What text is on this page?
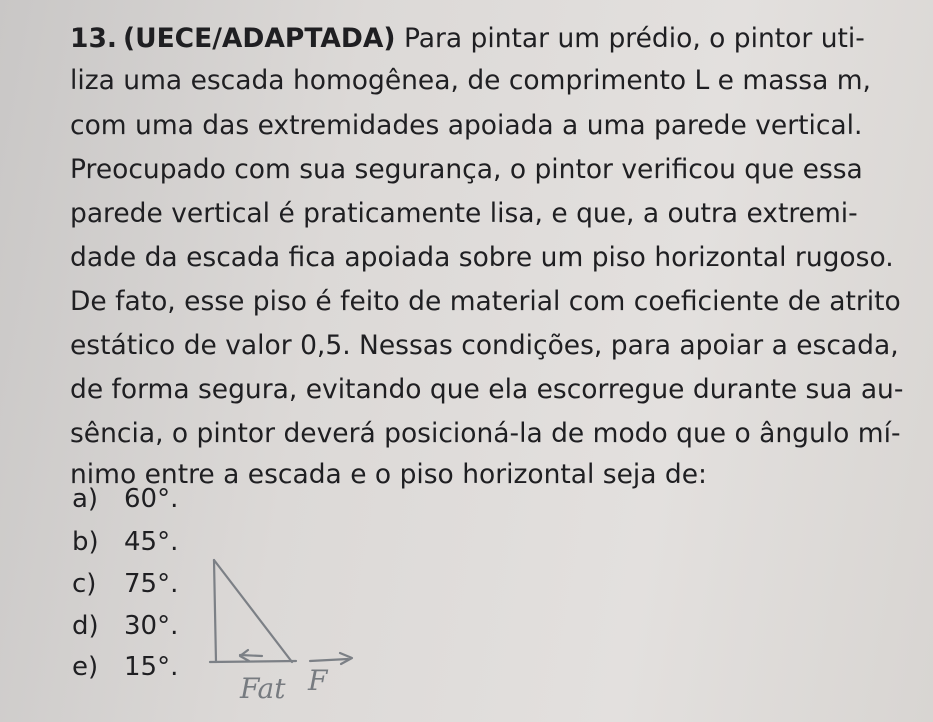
13. (UECE/ADAPTADA) Para pintar um prédio, o pintor uti-
liza uma escada homogênea, de comprimento L e massa m,
com uma das extremidades apoiada a uma parede vertical.
Preocupado com sua segurança, o pintor verificou que essa
parede vertical é praticamente lisa, e que, a outra extremi-
dade da escada fica apoiada sobre um piso horizontal rugoso.
De fato, esse piso é feito de material com coeficiente de atrito
estático de valor 0,5. Nessas condições, para apoiar a escada,
de forma segura, evitando que ela escorregue durante sua au-
sência, o pintor deverá posicioná-la de modo que o ângulo mí-
nimo entre a escada e o piso horizontal seja de:
a) 60°.
b) 45°.
c) 75°.
d) 30°.
e) 15°.
Fat F
